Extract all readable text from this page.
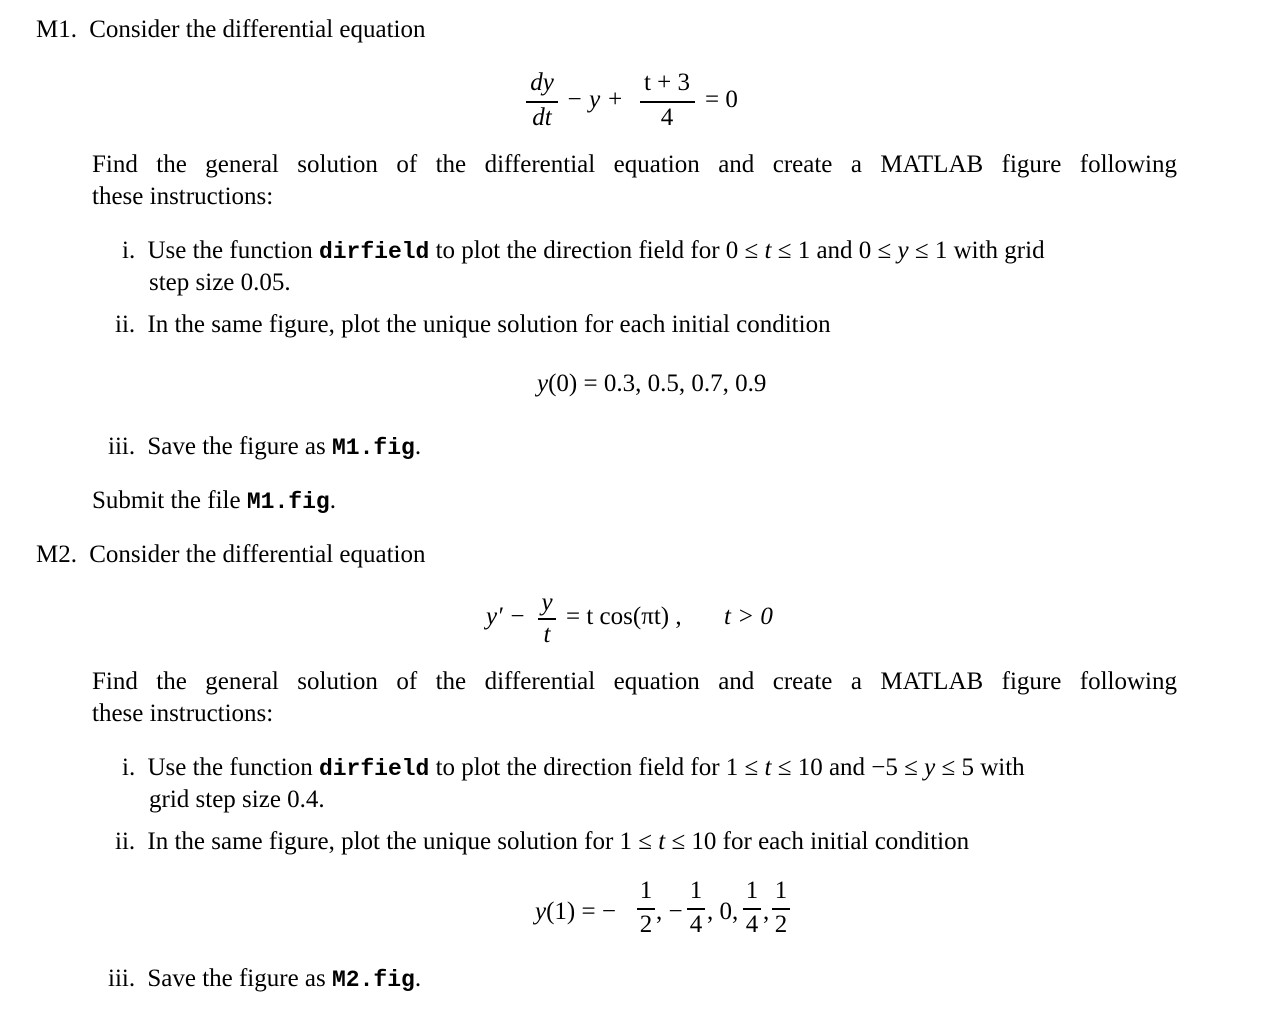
M1. Consider the differential equation
dy
dt
− y +
t + 3
4
= 0
Find the general solution of the differential equation and create a MATLAB figure following
these instructions:
i. Use the function dirfield to plot the direction field for 0 ≤ t ≤ 1 and 0 ≤ y ≤ 1 with grid
step size 0.05.
ii. In the same figure, plot the unique solution for each initial condition
y(0) = 0.3, 0.5, 0.7, 0.9
iii. Save the figure as M1.fig.
Submit the file M1.fig.
M2. Consider the differential equation
y′ −
y
t
= t cos(πt) , t > 0
Find the general solution of the differential equation and create a MATLAB figure following
these instructions:
i. Use the function dirfield to plot the direction field for 1 ≤ t ≤ 10 and −5 ≤ y ≤ 5 with
grid step size 0.4.
ii. In the same figure, plot the unique solution for 1 ≤ t ≤ 10 for each initial condition
y(1) = −
1
2 , −
1
4 , 0,
1
4 ,
1
2
iii. Save the figure as M2.fig.
